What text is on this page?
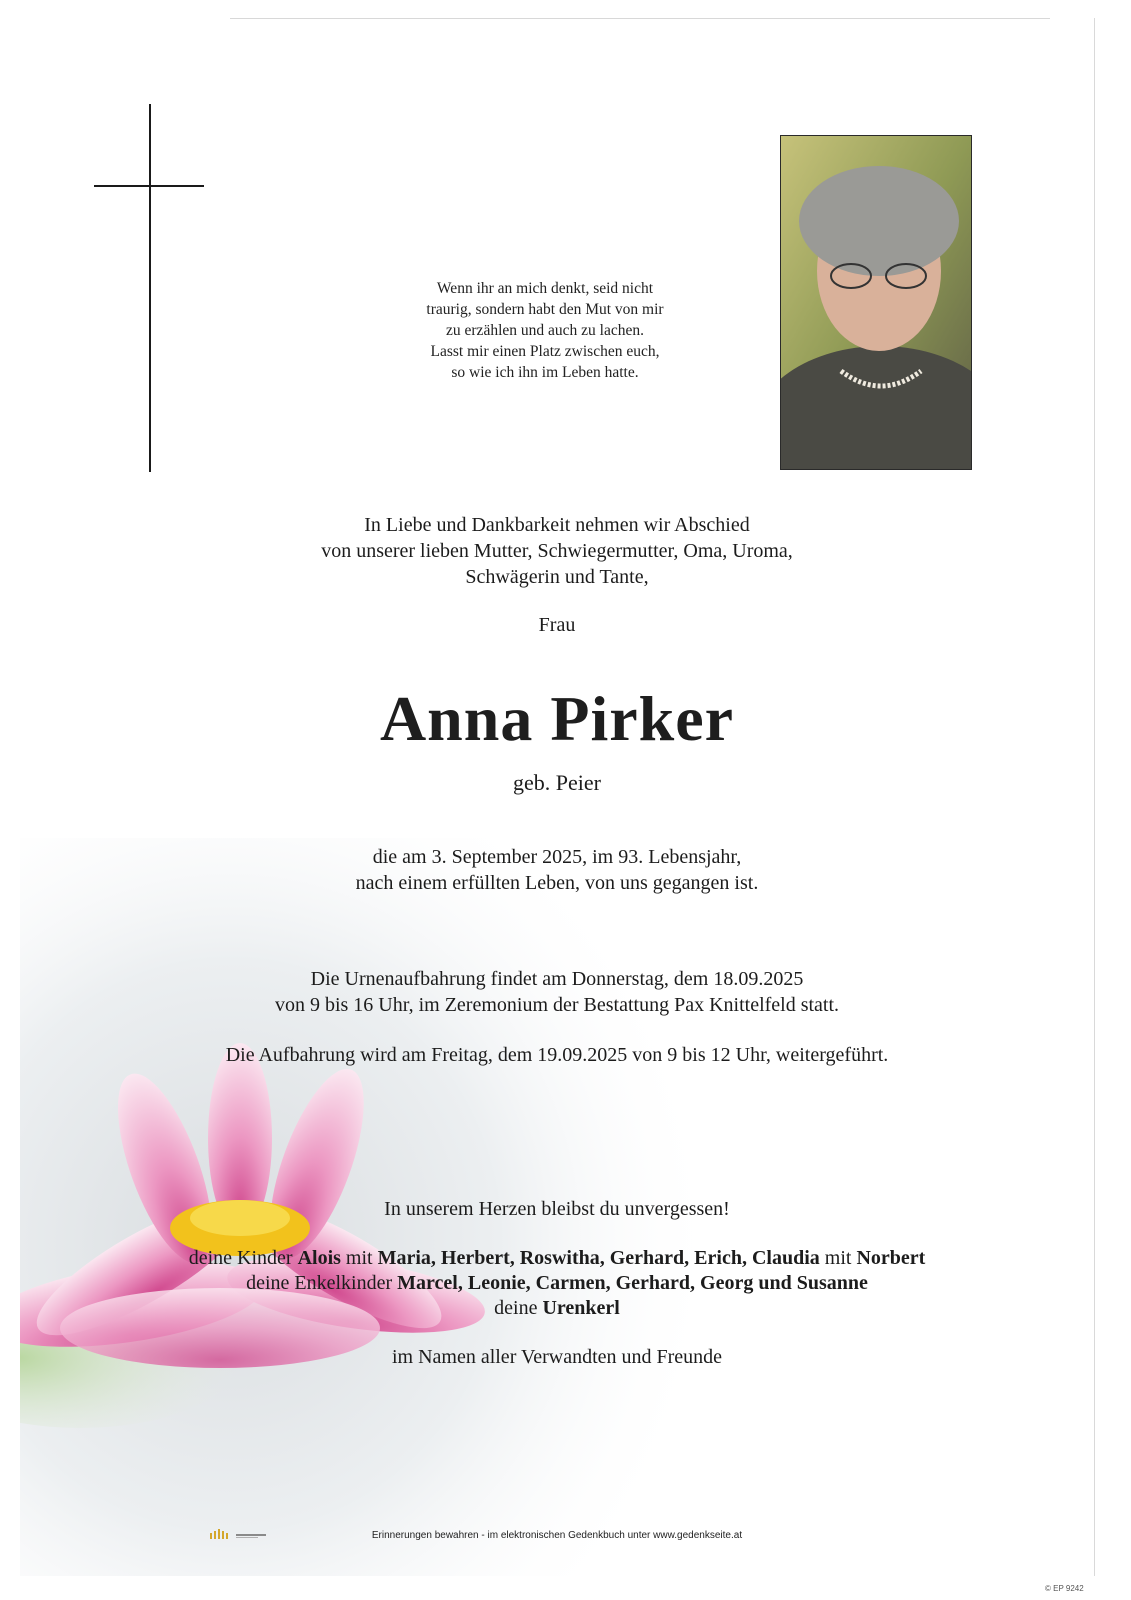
Wenn ihr an mich denkt, seid nicht
traurig, sondern habt den Mut von mir
zu erzählen und auch zu lachen.
Lasst mir einen Platz zwischen euch,
so wie ich ihn im Leben hatte.
In Liebe und Dankbarkeit nehmen wir Abschied
von unserer lieben Mutter, Schwiegermutter, Oma, Uroma,
Schwägerin und Tante,
Frau
Anna Pirker
geb. Peier
die am 3. September 2025, im 93. Lebensjahr,
nach einem erfüllten Leben, von uns gegangen ist.
Die Urnenaufbahrung findet am Donnerstag, dem 18.09.2025
von 9 bis 16 Uhr, im Zeremonium der Bestattung Pax Knittelfeld statt.
Die Aufbahrung wird am Freitag, dem 19.09.2025 von 9 bis 12 Uhr, weitergeführt.
In unserem Herzen bleibst du unvergessen!
deine Kinder Alois mit Maria, Herbert, Roswitha, Gerhard, Erich, Claudia mit Norbert
deine Enkelkinder Marcel, Leonie, Carmen, Gerhard, Georg und Susanne
deine Urenkerl
im Namen aller Verwandten und Freunde
Erinnerungen bewahren - im elektronischen Gedenkbuch unter www.gedenkseite.at
© EP 9242
